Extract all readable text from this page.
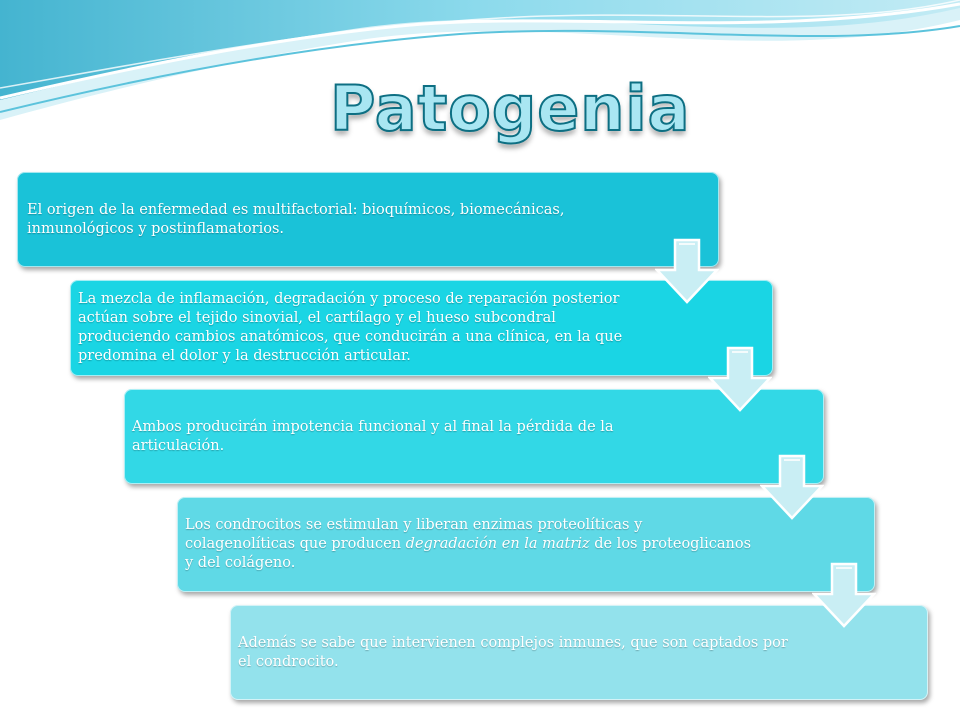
Patogenia
El origen de la enfermedad es multifactorial: bioquímicos, biomecánicas, inmunológicos y postinflamatorios.
La mezcla de inflamación, degradación y proceso de reparación posterior actúan sobre el tejido sinovial, el cartílago y el hueso subcondral produciendo cambios anatómicos, que conducirán a una clínica, en la que predomina el dolor y la destrucción articular.
Ambos producirán impotencia funcional y al final la pérdida de la articulación.
Los condrocitos se estimulan y liberan enzimas proteolíticas y colagenolíticas que producen degradación en la matriz de los proteoglicanos y del colágeno.
Además se sabe que intervienen complejos inmunes, que son captados por el condrocito.
